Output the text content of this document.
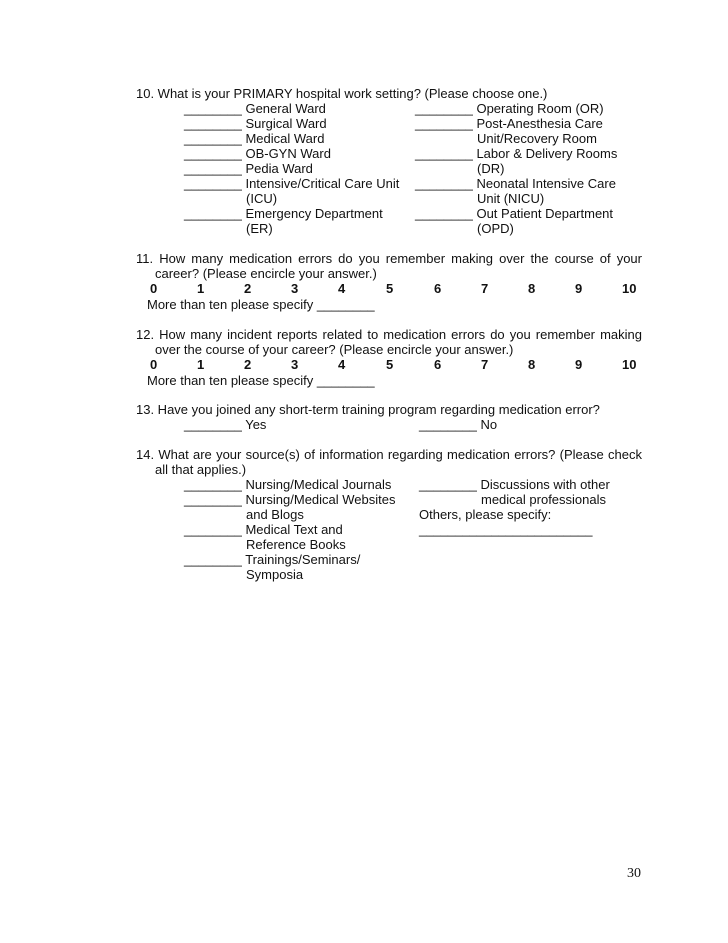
10. What is your PRIMARY hospital work setting? (Please choose one.)
________ General Ward
________ Surgical Ward
________ Medical Ward
________ OB-GYN Ward
________ Pedia Ward
________ Intensive/Critical Care Unit
(ICU)
________ Emergency Department
(ER)
________ Operating Room (OR)
________ Post-Anesthesia Care
Unit/Recovery Room
________ Labor & Delivery Rooms
(DR)
________ Neonatal Intensive Care
Unit (NICU)
________ Out Patient Department
(OPD)
11. How many medication errors do you remember making over the course of your
career? (Please encircle your answer.)
0	1	2	3	4	5	6	7	8	9	10
More than ten please specify ________
12. How many incident reports related to medication errors do you remember making
over the course of your career? (Please encircle your answer.)
0	1	2	3	4	5	6	7	8	9	10
More than ten please specify ________
13. Have you joined any short-term training program regarding medication error?
________ Yes	________ No
14. What are your source(s) of information regarding medication errors? (Please check
all that applies.)
________ Nursing/Medical Journals
________ Nursing/Medical Websites
and Blogs
________ Medical Text and
Reference Books
________ Trainings/Seminars/
Symposia
________ Discussions with other
medical professionals
Others, please specify:
________________________
30
